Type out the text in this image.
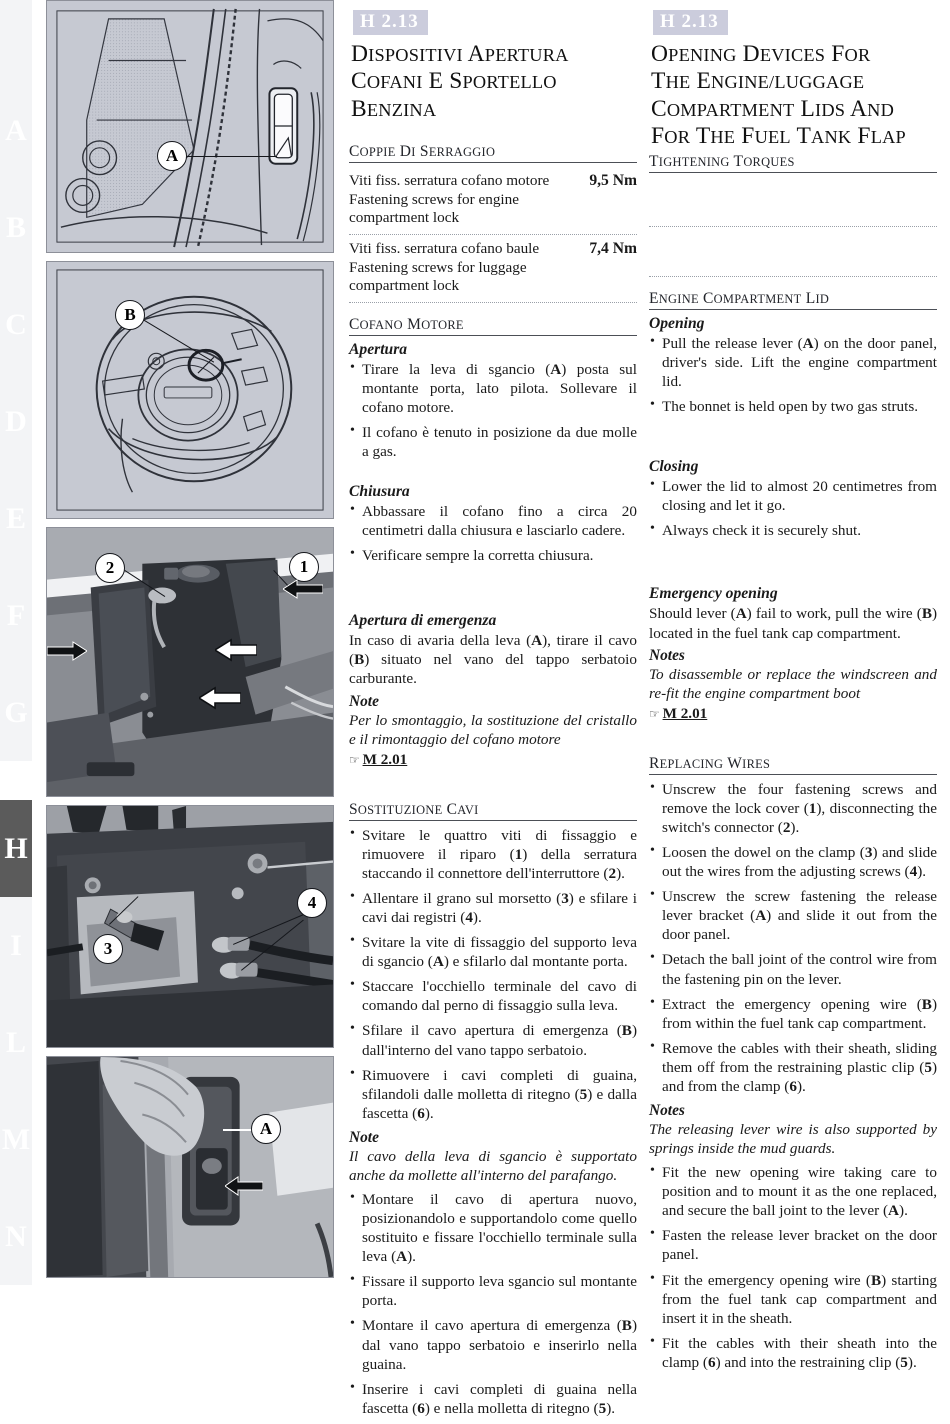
A
B
C
D
E
F
G
H
I
L
M
N
A
B
2	1
3
4
A
H 2.13
DISPOSITIVI APERTURA
COFANI E SPORTELLO
BENZINA
COPPIE DI SERRAGGIO
Viti fiss. serratura cofano motore
Fastening screws for engine compartment lock
9,5 Nm
Viti fiss. serratura cofano baule
Fastening screws for luggage compartment lock
7,4 Nm
COFANO MOTORE
Apertura
• Tirare la leva di sgancio (A) posta sul montante porta, lato pilota. Sollevare il cofano motore.
• Il cofano è tenuto in posizione da due molle a gas.
Chiusura
• Abbassare il cofano fino a circa 20 centimetri dalla chiusura e lasciarlo cadere.
• Verificare sempre la corretta chiusura.
Apertura di emergenza

In caso di avaria della leva (A), tirare il cavo (B) situato nel vano del tappo serbatoio carburante.

Note

Per lo smontaggio, la sostituzione del cristallo e il rimontaggio del cofano motore

☞ M 2.01

SOSTITUZIONE CAVI
• Svitare le quattro viti di fissaggio e rimuovere il riparo (1) della serratura staccando il connettore dell'interruttore (2).
• Allentare il grano sul morsetto (3) e sfilare i cavi dai registri (4).
• Svitare la vite di fissaggio del supporto leva di sgancio (A) e sfilarlo dal montante porta.
• Staccare l'occhiello terminale del cavo di comando dal perno di fissaggio sulla leva.
• Sfilare il cavo apertura di emergenza (B) dall'interno del vano tappo serbatoio.
• Rimuovere i cavi completi di guaina, sfilandoli dalle molletta di ritegno (5) e dalla fascetta (6).

Note

Il cavo della leva di sgancio è supportato anche da mollette all'interno del parafango.

• Montare il cavo di apertura nuovo, posizionandolo e supportandolo come quello sostituito e fissare l'occhiello terminale sulla leva (A).
• Fissare il supporto leva sgancio sul montante porta.
• Montare il cavo apertura di emergenza (B) dal vano tappo serbatoio e inserirlo nella guaina.
• Inserire i cavi completi di guaina nella fascetta (6) e nella molletta di ritegno (5).
H 2.13
OPENING DEVICES FOR
THE ENGINE/LUGGAGE
COMPARTMENT LIDS AND
FOR THE FUEL TANK FLAP
TIGHTENING TORQUES
ENGINE COMPARTMENT LID
Opening
• Pull the release lever (A) on the door panel, driver's side. Lift the engine compartment lid.
• The bonnet is held open by two gas struts.
Closing
• Lower the lid to almost 20 centimetres from closing and let it go.
• Always check it is securely shut.
Emergency opening

Should lever (A) fail to work, pull the wire (B) located in the fuel tank cap compartment.

Notes

To disassemble or replace the windscreen and re-fit the engine compartment boot

☞ M 2.01

REPLACING WIRES
• Unscrew the four fastening screws and remove the lock cover (1), disconnecting the switch's connector (2).
• Loosen the dowel on the clamp (3) and slide out the wires from the adjusting screws (4).
• Unscrew the screw fastening the release lever bracket (A) and slide it out from the door panel.
• Detach the ball joint of the control wire from the fastening pin on the lever.
• Extract the emergency opening wire (B) from within the fuel tank cap compartment.
• Remove the cables with their sheath, sliding them off from the restraining plastic clip (5) and from the clamp (6).

Notes

The releasing lever wire is also supported by springs inside the mud guards.

• Fit the new opening wire taking care to position and to mount it as the one replaced, and secure the ball joint to the lever (A).
• Fasten the release lever bracket on the door panel.
• Fit the emergency opening wire (B) starting from the fuel tank cap compartment and insert it in the sheath.
• Fit the cables with their sheath into the clamp (6) and into the restraining clip (5).
